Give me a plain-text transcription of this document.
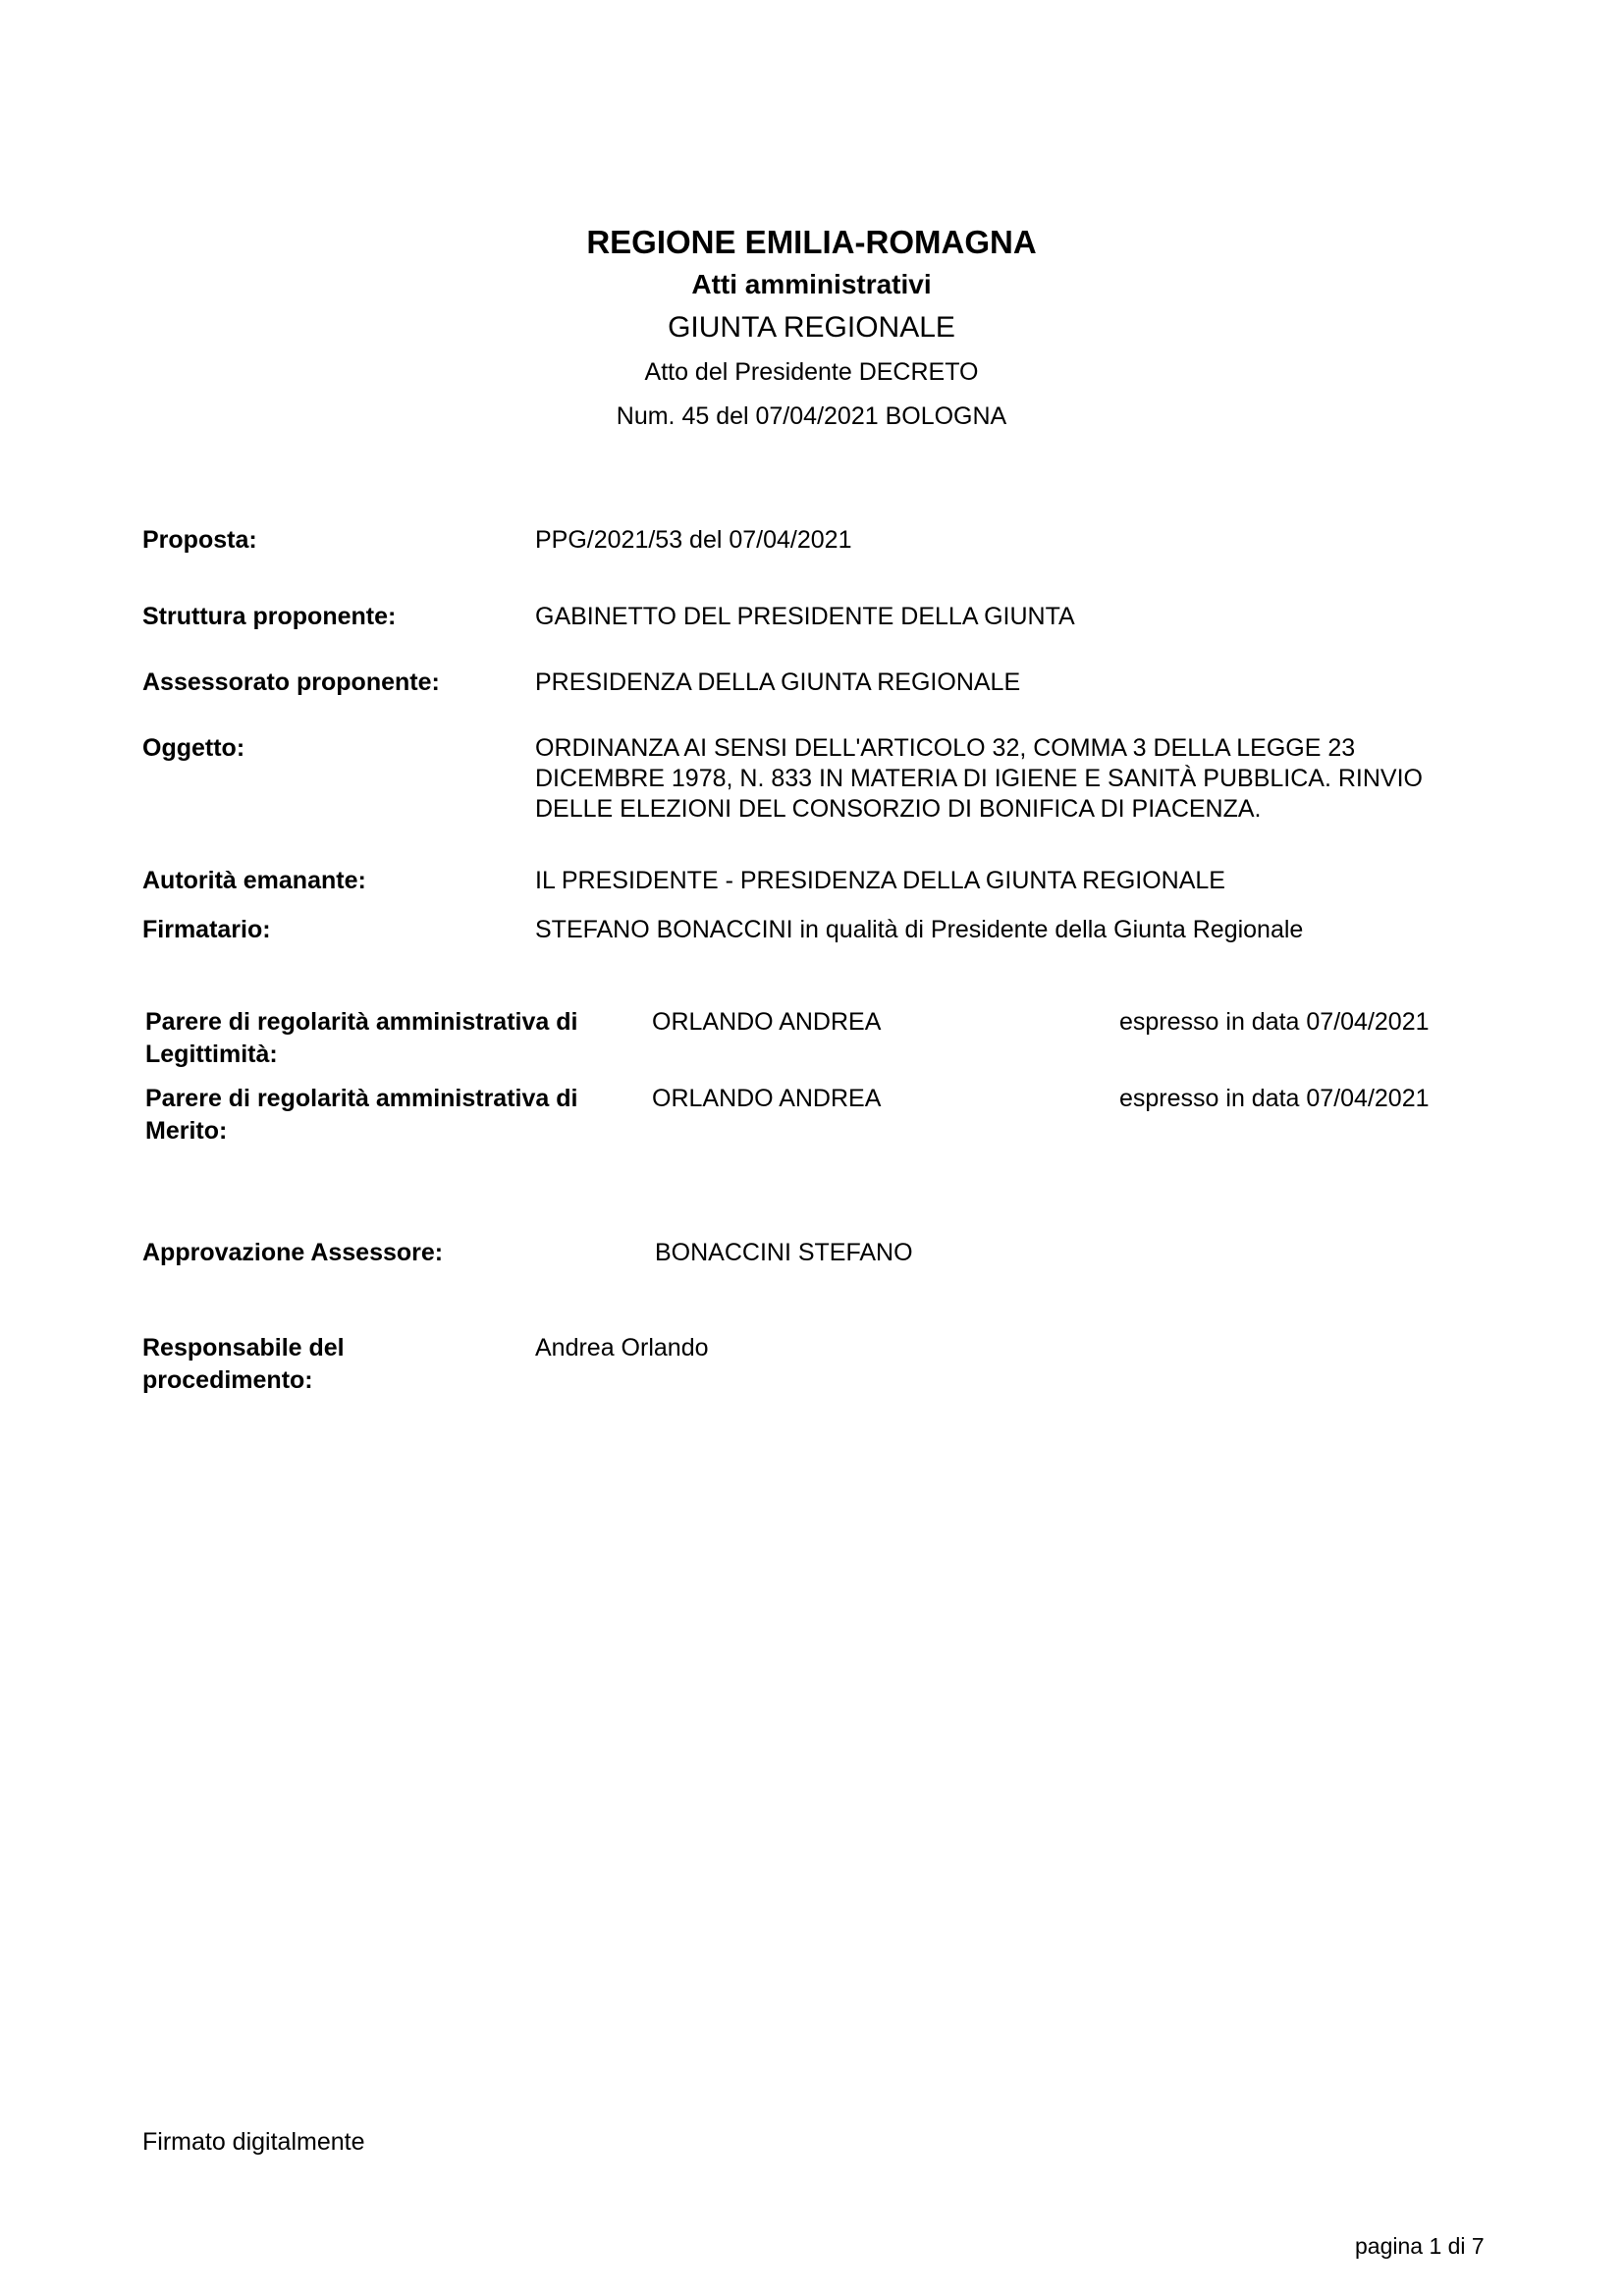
REGIONE EMILIA-ROMAGNA
Atti amministrativi
GIUNTA REGIONALE
Atto del Presidente DECRETO
Num. 45 del 07/04/2021 BOLOGNA
Proposta:	PPG/2021/53 del 07/04/2021
Struttura proponente:	GABINETTO DEL PRESIDENTE DELLA GIUNTA
Assessorato proponente:	PRESIDENZA DELLA GIUNTA REGIONALE
Oggetto:	ORDINANZA AI SENSI DELL'ARTICOLO 32, COMMA 3 DELLA LEGGE 23
DICEMBRE 1978, N. 833 IN MATERIA DI IGIENE E SANITÀ PUBBLICA. RINVIO
DELLE ELEZIONI DEL CONSORZIO DI BONIFICA DI PIACENZA.
Autorità emanante:	IL PRESIDENTE - PRESIDENZA DELLA GIUNTA REGIONALE
Firmatario:	STEFANO BONACCINI in qualità di Presidente della Giunta Regionale
Parere di regolarità amministrativa di
Legittimità:
ORLANDO ANDREA	espresso in data 07/04/2021
Parere di regolarità amministrativa di
Merito:
ORLANDO ANDREA	espresso in data 07/04/2021
Approvazione Assessore:	BONACCINI STEFANO
Responsabile del
procedimento:
Andrea Orlando
Firmato digitalmente
pagina 1 di 7
